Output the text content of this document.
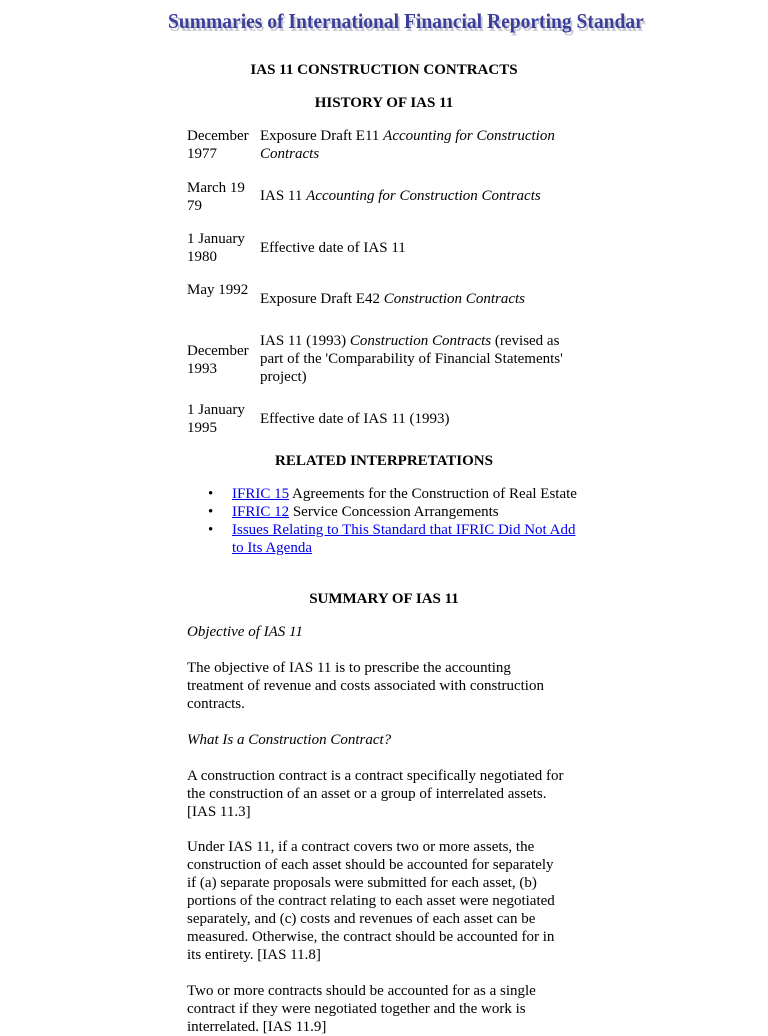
Summaries of International Financial Reporting Standar
IAS 11 CONSTRUCTION CONTRACTS
HISTORY OF IAS 11
December 1977
Exposure Draft E11 Accounting for Construction Contracts
March 1979
IAS 11 Accounting for Construction Contracts
1 January 1980
Effective date of IAS 11
May 1992
Exposure Draft E42 Construction Contracts
December 1993
IAS 11 (1993) Construction Contracts (revised as part of the 'Comparability of Financial Statements' project)
1 January 1995
Effective date of IAS 11 (1993)
RELATED INTERPRETATIONS
• IFRIC 15 Agreements for the Construction of Real Estate
• IFRIC 12 Service Concession Arrangements
• Issues Relating to This Standard that IFRIC Did Not Add to Its Agenda
SUMMARY OF IAS 11
Objective of IAS 11
The objective of IAS 11 is to prescribe the accounting treatment of revenue and costs associated with construction contracts.
What Is a Construction Contract?
A construction contract is a contract specifically negotiated for the construction of an asset or a group of interrelated assets. [IAS 11.3]
Under IAS 11, if a contract covers two or more assets, the construction of each asset should be accounted for separately if (a) separate proposals were submitted for each asset, (b) portions of the contract relating to each asset were negotiated separately, and (c) costs and revenues of each asset can be measured. Otherwise, the contract should be accounted for in its entirety. [IAS 11.8]
Two or more contracts should be accounted for as a single contract if they were negotiated together and the work is interrelated. [IAS 11.9]
